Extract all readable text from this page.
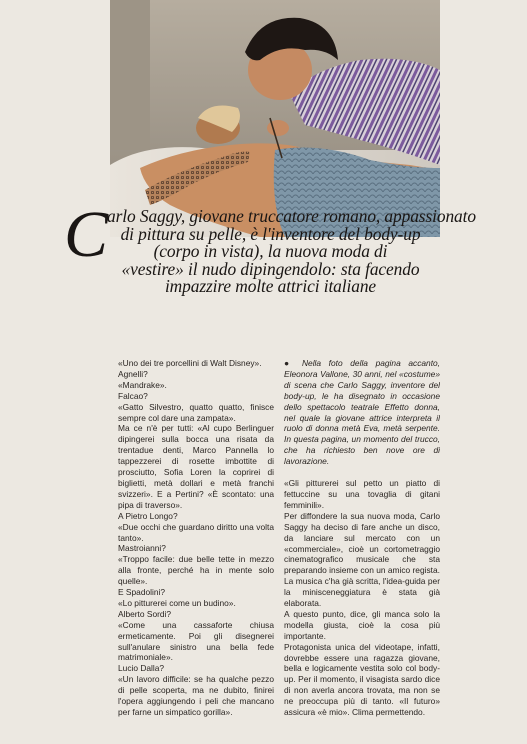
C arlo Saggy, giovane truccatore romano, appassionato
di pittura su pelle, è l'inventore del body-up
(corpo in vista), la nuova moda di
«vestire» il nudo dipingendolo: sta facendo
impazzire molte attrici italiane

«Uno dei tre porcellini di Walt Disney».

Agnelli?

«Mandrake».

Falcao?

«Gatto Silvestro, quatto quatto, finisce sempre col dare una zampata».

Ma ce n'è per tutti: «Al cupo Berlinguer dipingerei sulla bocca una risata da trentadue denti, Marco Pannella lo tappezzerei di rosette imbottite di prosciutto, Sofia Loren la coprirei di biglietti, metà dollari e metà franchi svizzeri». E a Pertini? «È scontato: una pipa di traverso».

A Pietro Longo?

«Due occhi che guardano diritto una volta tanto».

Mastroianni?

«Troppo facile: due belle tette in mezzo alla fronte, perché ha in mente solo quelle».

E Spadolini?

«Lo pitturerei come un budino».

Alberto Sordi?

«Come una cassaforte chiusa ermeticamente. Poi gli disegnerei sull'anulare sinistro una bella fede matrimoniale».

Lucio Dalla?

«Un lavoro difficile: se ha qualche pezzo di pelle scoperta, ma ne dubito, finirei l'opera aggiungendo i peli che mancano per farne un simpatico gorilla».

● Nella foto della pagina accanto, Eleonora Vallone, 30 anni, nel «costume» di scena che Carlo Saggy, inventore del body-up, le ha disegnato in occasione dello spettacolo teatrale Effetto donna, nel quale la giovane attrice interpreta il ruolo di donna metà Eva, metà serpente. In questa pagina, un momento del trucco, che ha richiesto ben nove ore di lavorazione.

«Gli pitturerei sul petto un piatto di fettuccine su una tovaglia di gitani femminili».

Per diffondere la sua nuova moda, Carlo Saggy ha deciso di fare anche un disco, da lanciare sul mercato con un «commerciale», cioè un cortometraggio cinematografico musicale che sta preparando insieme con un amico regista. La musica c'ha già scritta, l'idea-guida per la minisceneggiatura è stata già elaborata.

A questo punto, dice, gli manca solo la modella giusta, cioè la cosa più importante.

Protagonista unica del videotape, infatti, dovrebbe essere una ragazza giovane, bella e logicamente vestita solo col body-up. Per il momento, il visagista sardo dice di non averla ancora trovata, ma non se ne preoccupa più di tanto. «Il futuro» assicura «è mio». Clima permettendo.
